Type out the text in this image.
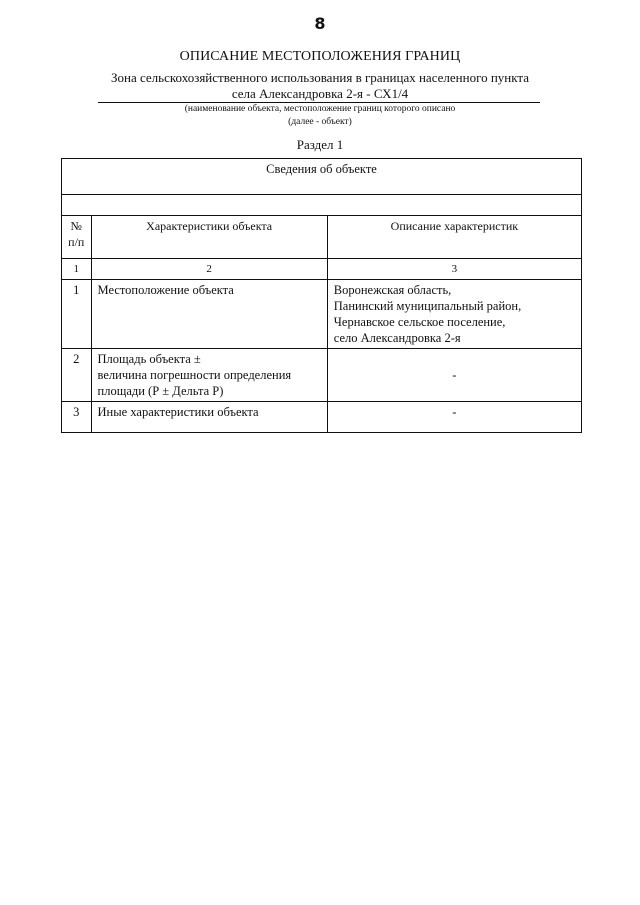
8
ОПИСАНИЕ МЕСТОПОЛОЖЕНИЯ ГРАНИЦ
Зона сельскохозяйственного использования в границах населенного пункта
села Александровка 2-я - СХ1/4
(наименование объекта, местоположение границ которого описано
(далее - объект)
Раздел 1
Сведения об объекте		

№
п/п	Характеристики объекта	Описание характеристик
1	2	3
1	Местоположение объекта	Воронежская область,
Панинский муниципальный район,
Чернавское сельское поселение,
село Александровка 2-я

2	Площадь объекта ±
величина погрешности определения
площади (Р ± Дельта Р)	-
3	Иные характеристики объекта	-
